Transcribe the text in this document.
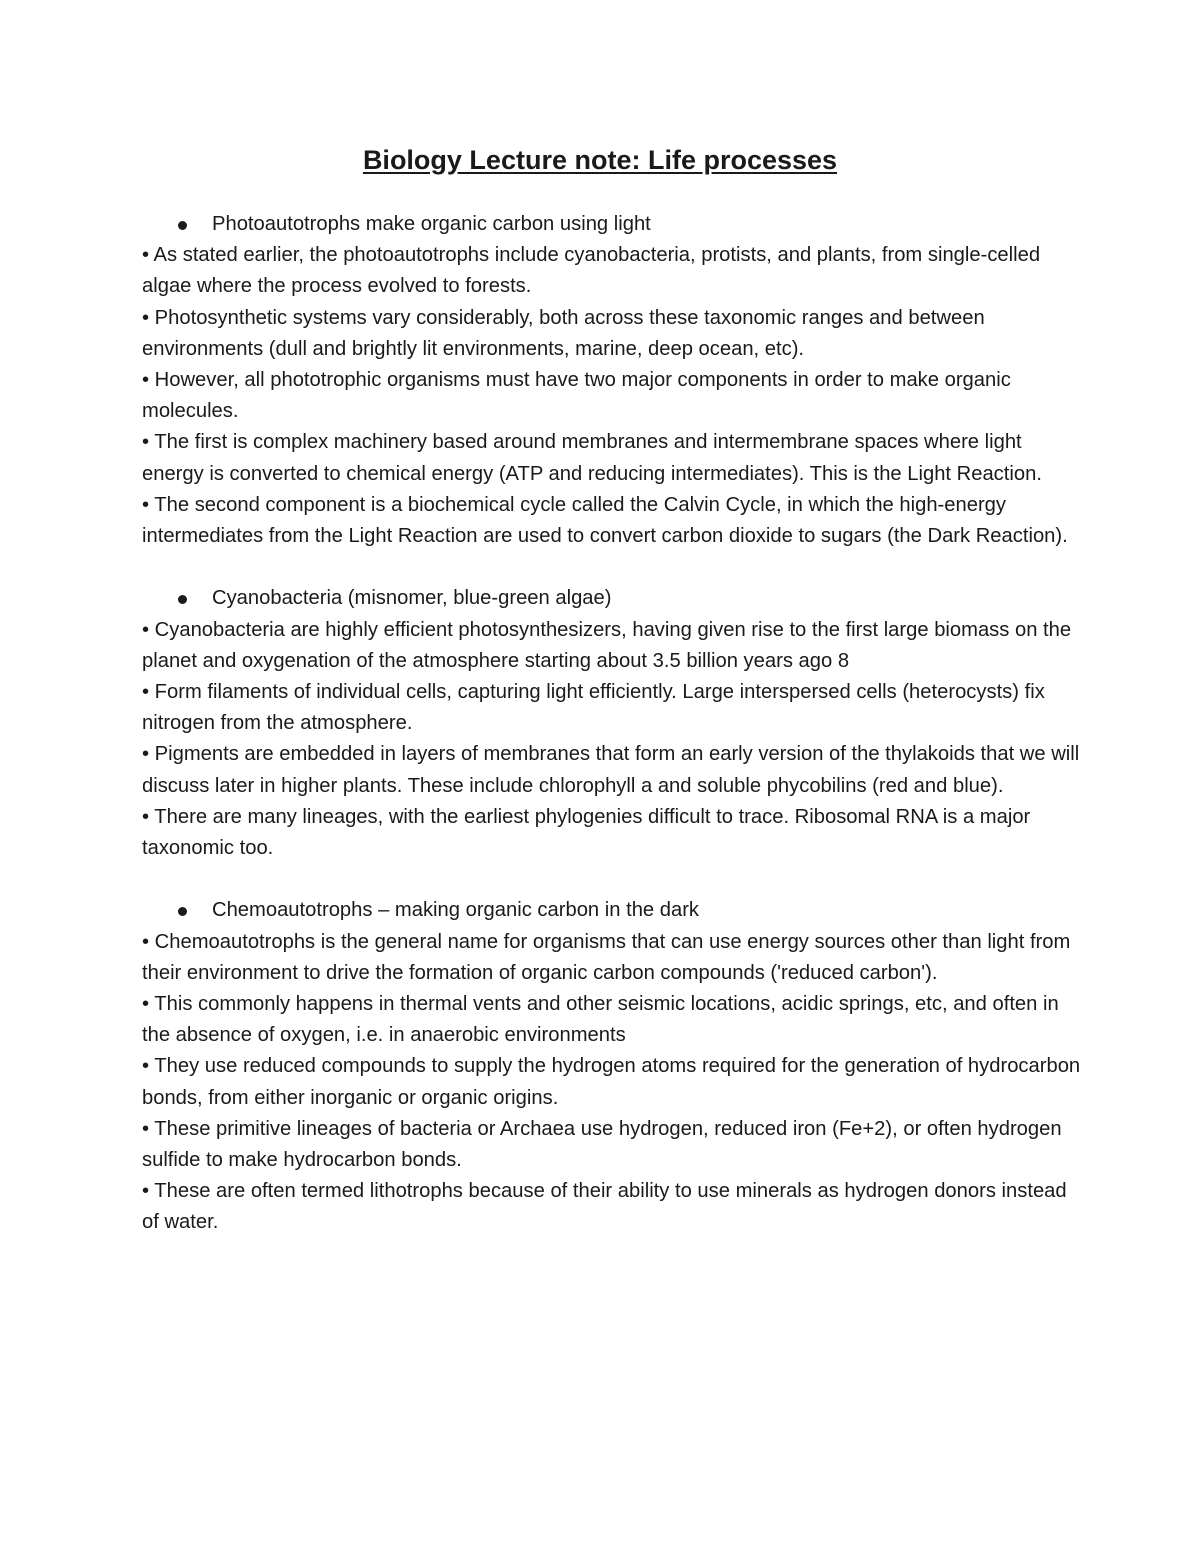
Biology Lecture note: Life processes

Photoautotrophs make organic carbon using light

• As stated earlier, the photoautotrophs include cyanobacteria, protists, and plants, from single-celled algae where the process evolved to forests.

• Photosynthetic systems vary considerably, both across these taxonomic ranges and between environments (dull and brightly lit environments, marine, deep ocean, etc).

• However, all phototrophic organisms must have two major components in order to make organic molecules.

• The first is complex machinery based around membranes and intermembrane spaces where light energy is converted to chemical energy (ATP and reducing intermediates). This is the Light Reaction.

• The second component is a biochemical cycle called the Calvin Cycle, in which the high-energy intermediates from the Light Reaction are used to convert carbon dioxide to sugars (the Dark Reaction).

Cyanobacteria (misnomer, blue-green algae)

• Cyanobacteria are highly efficient photosynthesizers, having given rise to the first large biomass on the planet and oxygenation of the atmosphere starting about 3.5 billion years ago 8

• Form filaments of individual cells, capturing light efficiently. Large interspersed cells (heterocysts) fix nitrogen from the atmosphere.

• Pigments are embedded in layers of membranes that form an early version of the thylakoids that we will discuss later in higher plants. These include chlorophyll a and soluble phycobilins (red and blue).

• There are many lineages, with the earliest phylogenies difficult to trace. Ribosomal RNA is a major taxonomic too.

Chemoautotrophs – making organic carbon in the dark

• Chemoautotrophs is the general name for organisms that can use energy sources other than light from their environment to drive the formation of organic carbon compounds ('reduced carbon').

• This commonly happens in thermal vents and other seismic locations, acidic springs, etc, and often in the absence of oxygen, i.e. in anaerobic environments

• They use reduced compounds to supply the hydrogen atoms required for the generation of hydrocarbon bonds, from either inorganic or organic origins.

• These primitive lineages of bacteria or Archaea use hydrogen, reduced iron (Fe+2), or often hydrogen sulfide to make hydrocarbon bonds.

• These are often termed lithotrophs because of their ability to use minerals as hydrogen donors instead of water.
